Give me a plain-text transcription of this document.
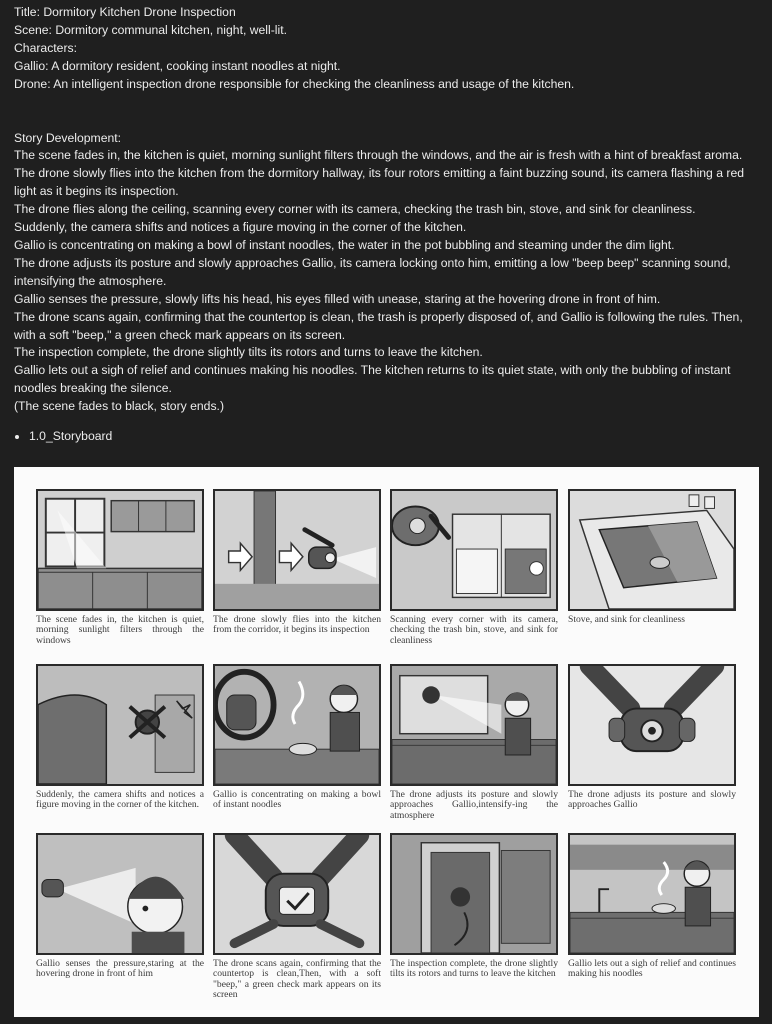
Title: Dormitory Kitchen Drone Inspection

Scene: Dormitory communal kitchen, night, well-lit.

Characters:

Gallio: A dormitory resident, cooking instant noodles at night.

Drone: An intelligent inspection drone responsible for checking the cleanliness and usage of the kitchen.

Story Development:

The scene fades in, the kitchen is quiet, morning sunlight filters through the windows, and the air is fresh with a hint of breakfast aroma.

The drone slowly flies into the kitchen from the dormitory hallway, its four rotors emitting a faint buzzing sound, its camera flashing a red light as it begins its inspection.

The drone flies along the ceiling, scanning every corner with its camera, checking the trash bin, stove, and sink for cleanliness.

Suddenly, the camera shifts and notices a figure moving in the corner of the kitchen.

Gallio is concentrating on making a bowl of instant noodles, the water in the pot bubbling and steaming under the dim light.

The drone adjusts its posture and slowly approaches Gallio, its camera locking onto him, emitting a low "beep beep" scanning sound, intensifying the atmosphere.

Gallio senses the pressure, slowly lifts his head, his eyes filled with unease, staring at the hovering drone in front of him.

The drone scans again, confirming that the countertop is clean, the trash is properly disposed of, and Gallio is following the rules. Then, with a soft "beep," a green check mark appears on its screen.

The inspection complete, the drone slightly tilts its rotors and turns to leave the kitchen.

Gallio lets out a sigh of relief and continues making his noodles. The kitchen returns to its quiet state, with only the bubbling of instant noodles breaking the silence.

(The scene fades to black, story ends.)

• 1.0_Storyboard
The scene fades in, the kitchen is quiet, morning sunlight filters through the windows
The drone slowly flies into the kitchen from the corridor, it begins its inspection
Scanning every corner with its camera, checking the trash bin, stove, and sink for cleanliness
Stove, and sink for cleanliness
Suddenly, the camera shifts and notices a figure moving in the corner of the kitchen.
Gallio is concentrating on making a bowl of instant noodles
The drone adjusts its posture and slowly approaches Gallio,intensify-ing the atmosphere
The drone adjusts its posture and slowly approaches Gallio
Gallio senses the pressure,staring at the hovering drone in front of him
The drone scans again, confirming that the countertop is clean,Then, with a soft "beep," a green check mark appears on its screen
The inspection complete, the drone slightly tilts its rotors and turns to leave the kitchen
Gallio lets out a sigh of relief and continues making his noodles
